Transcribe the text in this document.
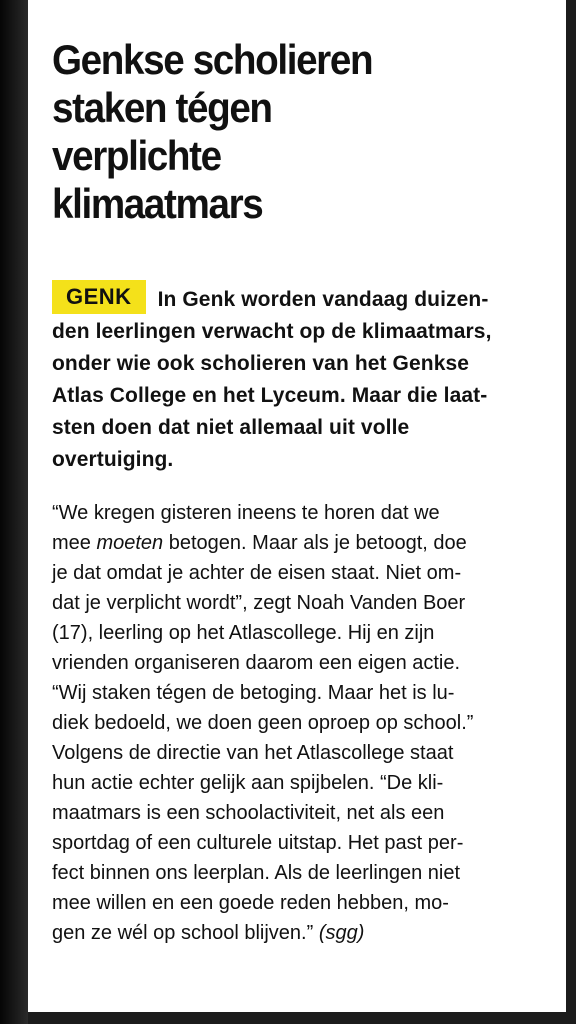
Genkse scholieren
staken tégen
verplichte
klimaatmars

GENK In Genk worden vandaag duizen-
den leerlingen verwacht op de klimaatmars,
onder wie ook scholieren van het Genkse
Atlas College en het Lyceum. Maar die laat-
sten doen dat niet allemaal uit volle
overtuiging.

“We kregen gisteren ineens te horen dat we
mee moeten betogen. Maar als je betoogt, doe
je dat omdat je achter de eisen staat. Niet om-
dat je verplicht wordt”, zegt Noah Vanden Boer
(17), leerling op het Atlascollege. Hij en zijn
vrienden organiseren daarom een eigen actie.
“Wij staken tégen de betoging. Maar het is lu-
diek bedoeld, we doen geen oproep op school.”
Volgens de directie van het Atlascollege staat
hun actie echter gelijk aan spijbelen. “De kli-
maatmars is een schoolactiviteit, net als een
sportdag of een culturele uitstap. Het past per-
fect binnen ons leerplan. Als de leerlingen niet
mee willen en een goede reden hebben, mo-
gen ze wél op school blijven.” (sgg)
